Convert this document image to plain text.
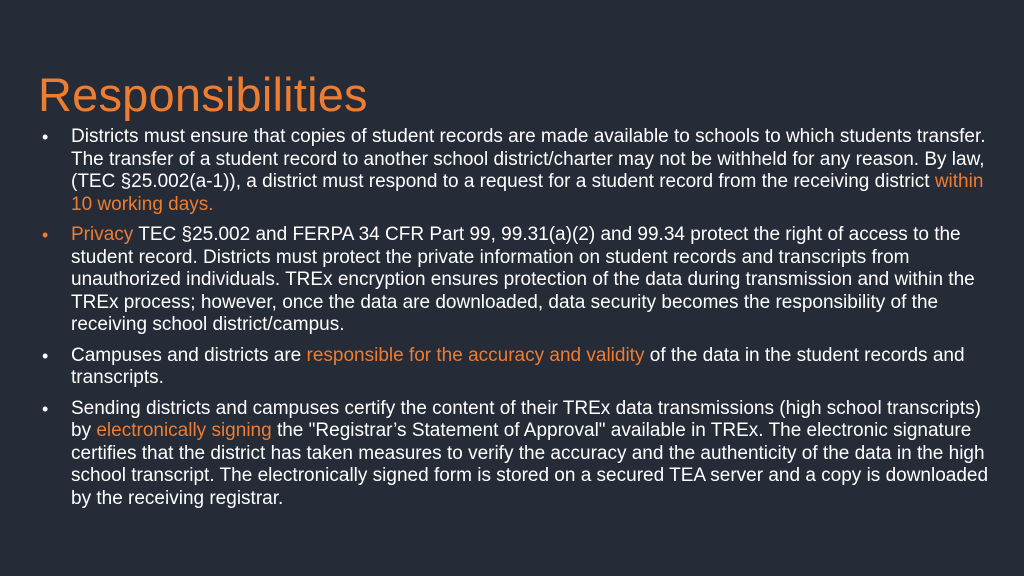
Responsibilities
• Districts must ensure that copies of student records are made available to schools to which students transfer. The transfer of a student record to another school district/charter may not be withheld for any reason. By law, (TEC §25.002(a-1)), a district must respond to a request for a student record from the receiving district within 10 working days.
• Privacy TEC §25.002 and FERPA 34 CFR Part 99, 99.31(a)(2) and 99.34 protect the right of access to the student record. Districts must protect the private information on student records and transcripts from unauthorized individuals. TREx encryption ensures protection of the data during transmission and within the TREx process; however, once the data are downloaded, data security becomes the responsibility of the receiving school district/campus.
• Campuses and districts are responsible for the accuracy and validity of the data in the student records and transcripts.
• Sending districts and campuses certify the content of their TREx data transmissions (high school transcripts) by electronically signing the "Registrar’s Statement of Approval" available in TREx. The electronic signature certifies that the district has taken measures to verify the accuracy and the authenticity of the data in the high school transcript. The electronically signed form is stored on a secured TEA server and a copy is downloaded by the receiving registrar.
